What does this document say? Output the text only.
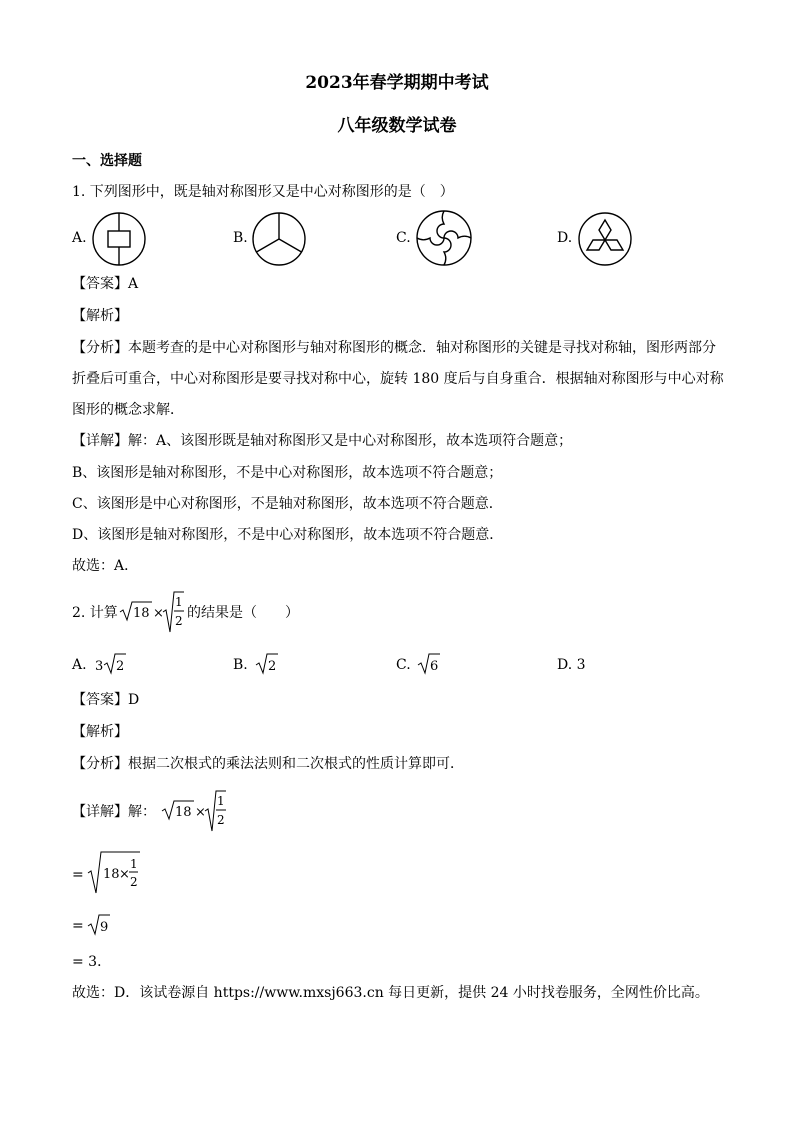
2023年春学期期中考试
八年级数学试卷
一、选择题
1. 下列图形中，既是轴对称图形又是中心对称图形的是（　）
A.	B.	C.	D.
【答案】A
【解析】
【分析】本题考查的是中心对称图形与轴对称图形的概念．轴对称图形的关键是寻找对称轴，图形两部分
折叠后可重合，中心对称图形是要寻找对称中心，旋转 180 度后与自身重合．根据轴对称图形与中心对称
图形的概念求解．
【详解】解：A、该图形既是轴对称图形又是中心对称图形，故本选项符合题意；
B、该图形是轴对称图形，不是中心对称图形，故本选项不符合题意；
C、该图形是中心对称图形，不是轴对称图形，故本选项不符合题意．
D、该图形是轴对称图形，不是中心对称图形，故本选项不符合题意．
故选：A．
2. 计算 18 ×
1
2 的结果是（　　）
A. 3 2	B. 2	C. 6	D. 3
【答案】D
【解析】
【分析】根据二次根式的乘法法则和二次根式的性质计算即可．
【详解】解： 18 ×
1
2
= 18 ×
1
2
= 9
= 3．
故选：D．该试卷源自 https://www.mxsj663.cn 每日更新，提供 24 小时找卷服务，全网性价比高。
